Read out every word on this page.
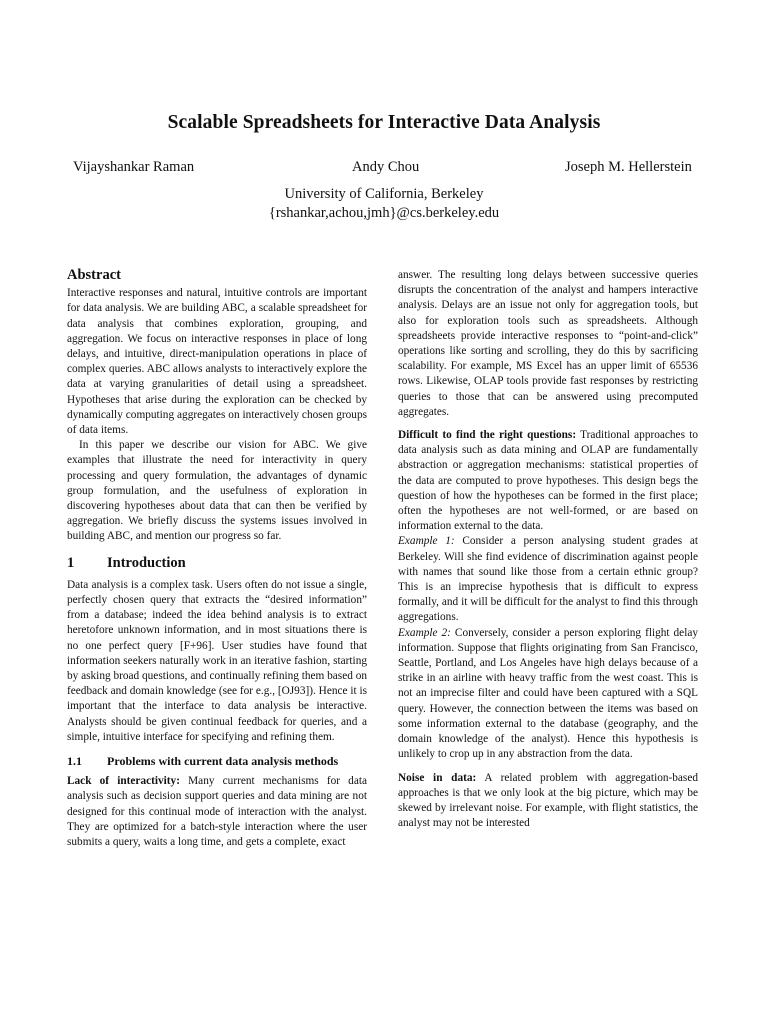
Scalable Spreadsheets for Interactive Data Analysis
Vijayshankar Raman	Andy Chou	Joseph M. Hellerstein
University of California, Berkeley
{rshankar,achou,jmh}@cs.berkeley.edu
Abstract

Interactive responses and natural, intuitive controls are important for data analysis. We are building ABC, a scalable spreadsheet for data analysis that combines exploration, grouping, and aggregation. We focus on interactive responses in place of long delays, and intuitive, direct-manipulation operations in place of complex queries. ABC allows analysts to interactively explore the data at varying granularities of detail using a spreadsheet. Hypotheses that arise during the exploration can be checked by dynamically computing aggregates on interactively chosen groups of data items.

In this paper we describe our vision for ABC. We give examples that illustrate the need for interactivity in query processing and query formulation, the advantages of dynamic group formulation, and the usefulness of exploration in discovering hypotheses about data that can then be verified by aggregation. We briefly discuss the systems issues involved in building ABC, and mention our progress so far.

1	Introduction

Data analysis is a complex task. Users often do not issue a single, perfectly chosen query that extracts the “desired information” from a database; indeed the idea behind analysis is to extract heretofore unknown information, and in most situations there is no one perfect query [F+96]. User studies have found that information seekers naturally work in an iterative fashion, starting by asking broad questions, and continually refining them based on feedback and domain knowledge (see for e.g., [OJ93]). Hence it is important that the interface to data analysis be interactive. Analysts should be given continual feedback for queries, and a simple, intuitive interface for specifying and refining them.

1.1	Problems with current data analysis methods

Lack of interactivity: Many current mechanisms for data analysis such as decision support queries and data mining are not designed for this continual mode of interaction with the analyst. They are optimized for a batch-style interaction where the user submits a query, waits a long time, and gets a complete, exact

answer. The resulting long delays between successive queries disrupts the concentration of the analyst and hampers interactive analysis. Delays are an issue not only for aggregation tools, but also for exploration tools such as spreadsheets. Although spreadsheets provide interactive responses to “point-and-click” operations like sorting and scrolling, they do this by sacrificing scalability. For example, MS Excel has an upper limit of 65536 rows. Likewise, OLAP tools provide fast responses by restricting queries to those that can be answered using precomputed aggregates.

Difficult to find the right questions: Traditional approaches to data analysis such as data mining and OLAP are fundamentally abstraction or aggregation mechanisms: statistical properties of the data are computed to prove hypotheses. This design begs the question of how the hypotheses can be formed in the first place; often the hypotheses are not well-formed, or are based on information external to the data.

Example 1: Consider a person analysing student grades at Berkeley. Will she find evidence of discrimination against people with names that sound like those from a certain ethnic group? This is an imprecise hypothesis that is difficult to express formally, and it will be difficult for the analyst to find this through aggregations.

Example 2: Conversely, consider a person exploring flight delay information. Suppose that flights originating from San Francisco, Seattle, Portland, and Los Angeles have high delays because of a strike in an airline with heavy traffic from the west coast. This is not an imprecise filter and could have been captured with a SQL query. However, the connection between the items was based on some information external to the database (geography, and the domain knowledge of the analyst). Hence this hypothesis is unlikely to crop up in any abstraction from the data.

Noise in data: A related problem with aggregation-based approaches is that we only look at the big picture, which may be skewed by irrelevant noise. For example, with flight statistics, the analyst may not be interested
